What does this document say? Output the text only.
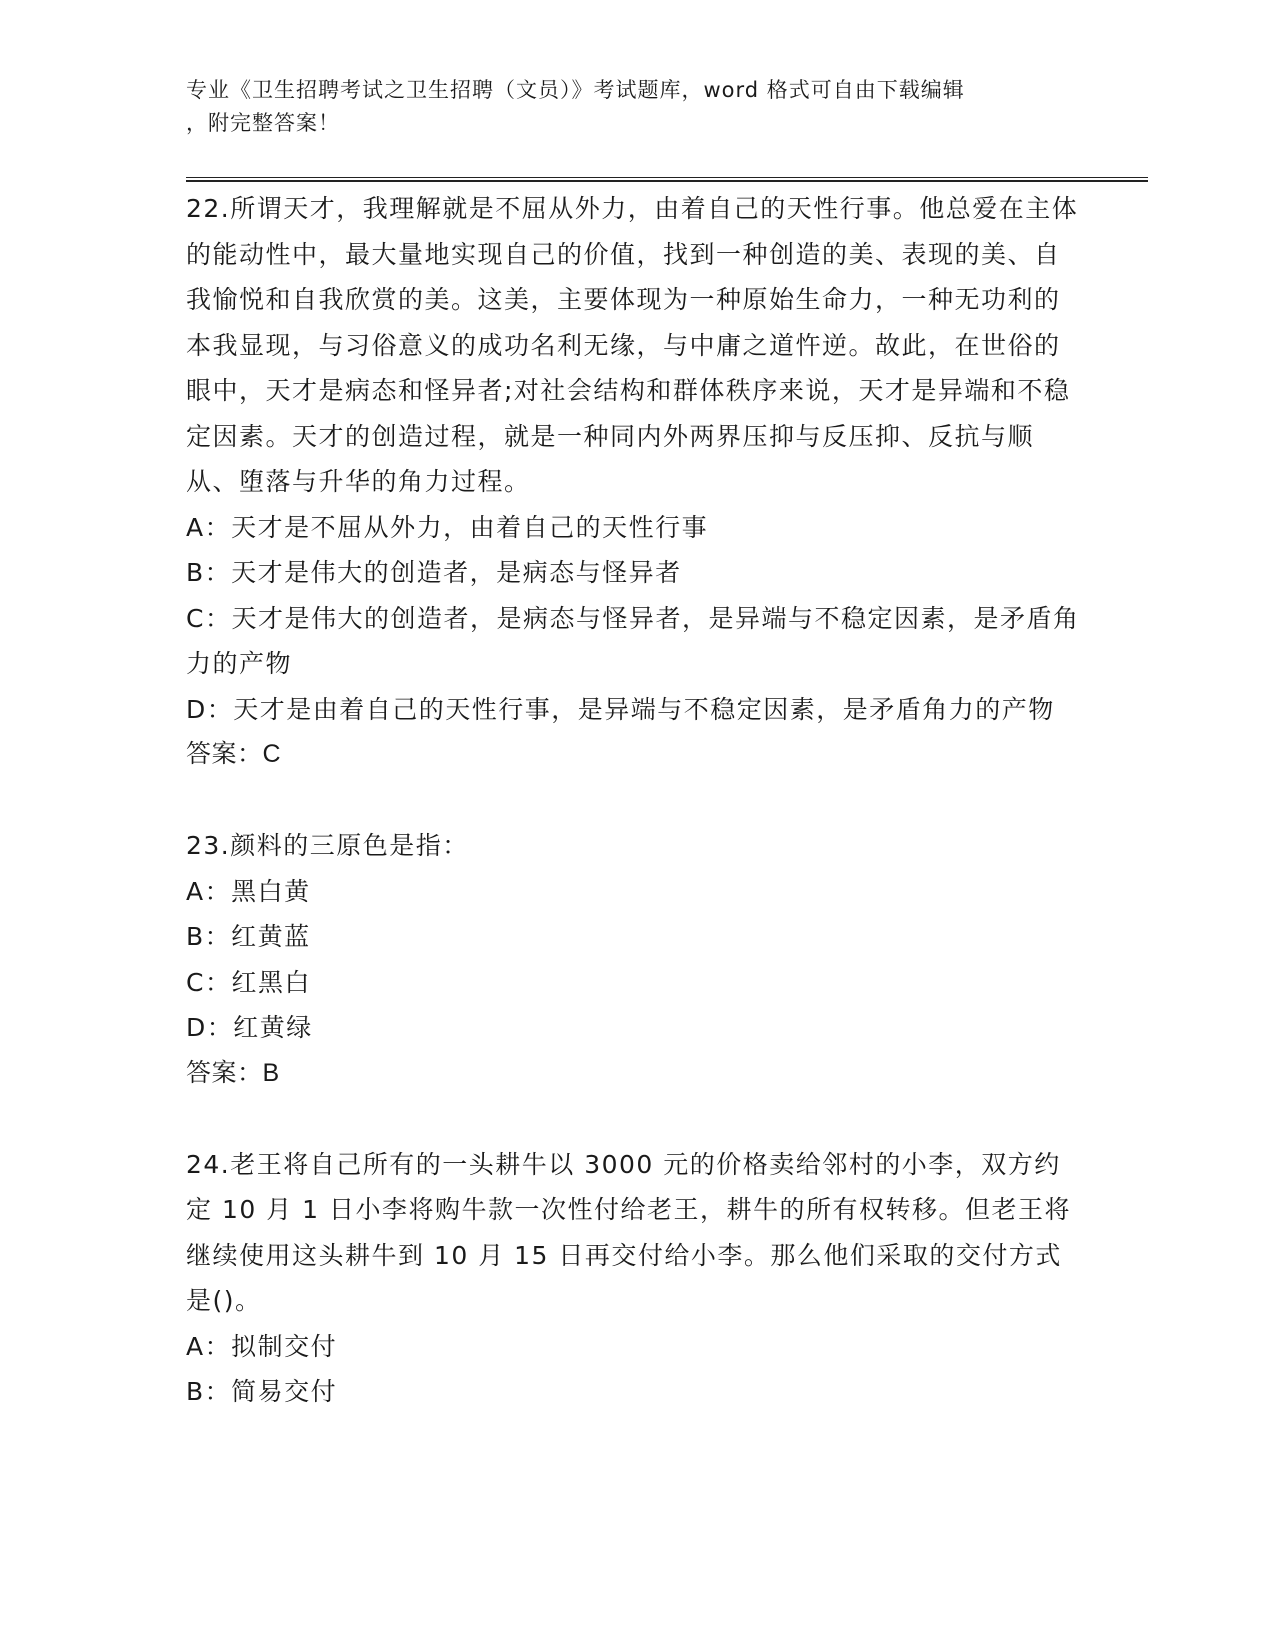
专业《卫生招聘考试之卫生招聘（文员）》考试题库，word 格式可自由下载编辑
，附完整答案！
22.所谓天才，我理解就是不屈从外力，由着自己的天性行事。他总爱在主体的能动性中，最大量地实现自己的价值，找到一种创造的美、表现的美、自我愉悦和自我欣赏的美。这美，主要体现为一种原始生命力，一种无功利的本我显现，与习俗意义的成功名利无缘，与中庸之道忤逆。故此，在世俗的眼中，天才是病态和怪异者;对社会结构和群体秩序来说，天才是异端和不稳定因素。天才的创造过程，就是一种同内外两界压抑与反压抑、反抗与顺从、堕落与升华的角力过程。
A：天才是不屈从外力，由着自己的天性行事
B：天才是伟大的创造者，是病态与怪异者
C：天才是伟大的创造者，是病态与怪异者，是异端与不稳定因素，是矛盾角力的产物
D：天才是由着自己的天性行事，是异端与不稳定因素，是矛盾角力的产物
答案：C
23.颜料的三原色是指：
A：黑白黄
B：红黄蓝
C：红黑白
D：红黄绿
答案：B
24.老王将自己所有的一头耕牛以 3000 元的价格卖给邻村的小李，双方约定 10 月 1 日小李将购牛款一次性付给老王，耕牛的所有权转移。但老王将继续使用这头耕牛到 10 月 15 日再交付给小李。那么他们采取的交付方式是()。
A：拟制交付
B：简易交付
